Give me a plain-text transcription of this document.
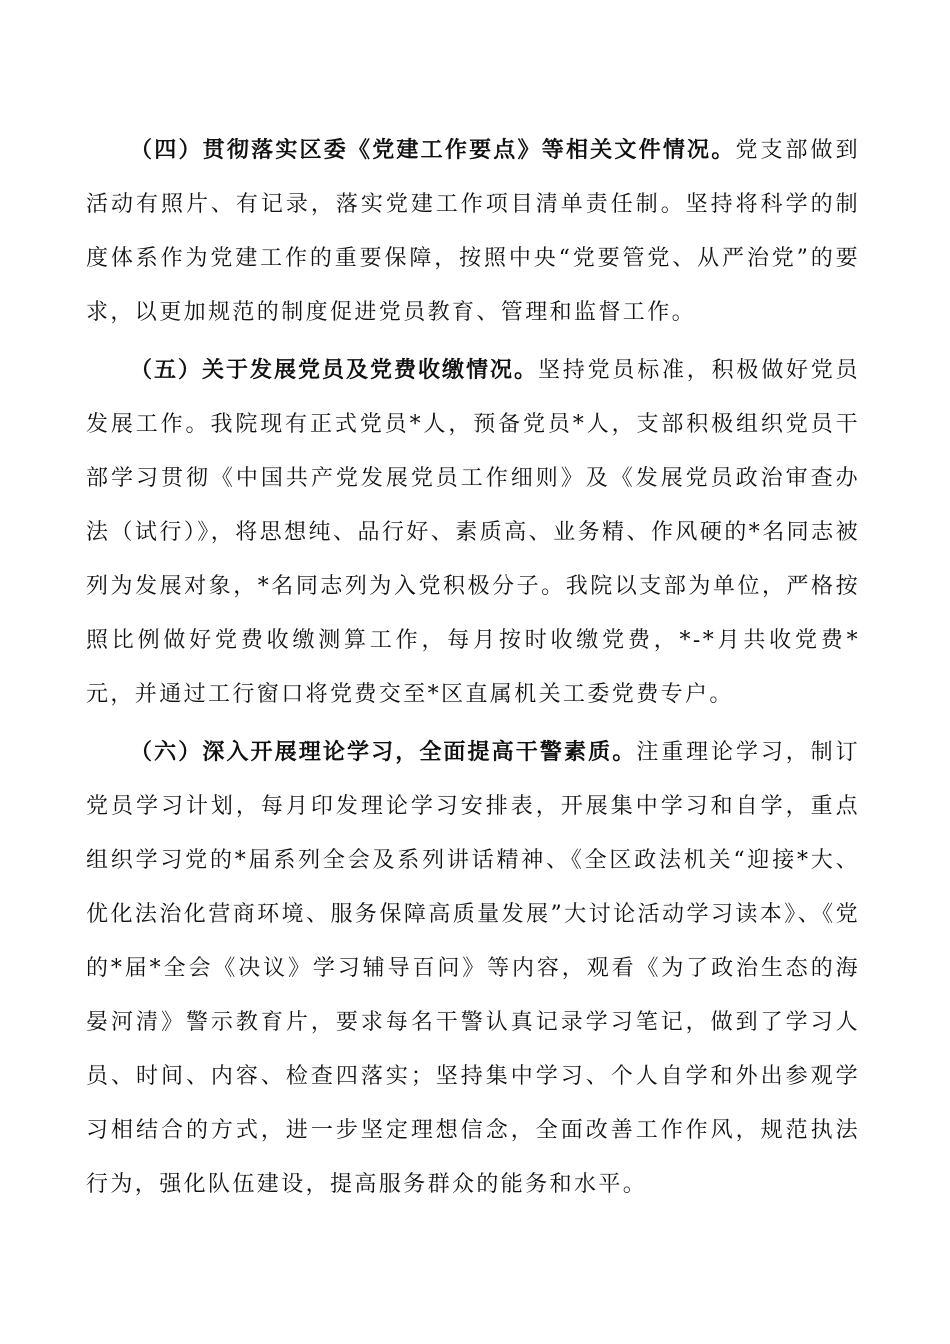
（四）贯彻落实区委《党建工作要点》等相关文件情况。党支部做到活动有照片、有记录，落实党建工作项目清单责任制。坚持将科学的制度体系作为党建工作的重要保障，按照中央“党要管党、从严治党”的要求，以更加规范的制度促进党员教育、管理和监督工作。

（五）关于发展党员及党费收缴情况。坚持党员标准，积极做好党员发展工作。我院现有正式党员*人，预备党员*人，支部积极组织党员干部学习贯彻《中国共产党发展党员工作细则》及《发展党员政治审查办法（试行）》，将思想纯、品行好、素质高、业务精、作风硬的*名同志被列为发展对象，*名同志列为入党积极分子。我院以支部为单位，严格按照比例做好党费收缴测算工作，每月按时收缴党费，*-*月共收党费*元，并通过工行窗口将党费交至*区直属机关工委党费专户。

（六）深入开展理论学习，全面提高干警素质。注重理论学习，制订党员学习计划，每月印发理论学习安排表，开展集中学习和自学，重点组织学习党的*届系列全会及系列讲话精神、《全区政法机关“迎接*大、优化法治化营商环境、服务保障高质量发展”大讨论活动学习读本》、《党的*届*全会《决议》学习辅导百问》等内容，观看《为了政治生态的海晏河清》警示教育片，要求每名干警认真记录学习笔记，做到了学习人员、时间、内容、检查四落实；坚持集中学习、个人自学和外出参观学习相结合的方式，进一步坚定理想信念，全面改善工作作风，规范执法行为，强化队伍建设，提高服务群众的能务和水平。
